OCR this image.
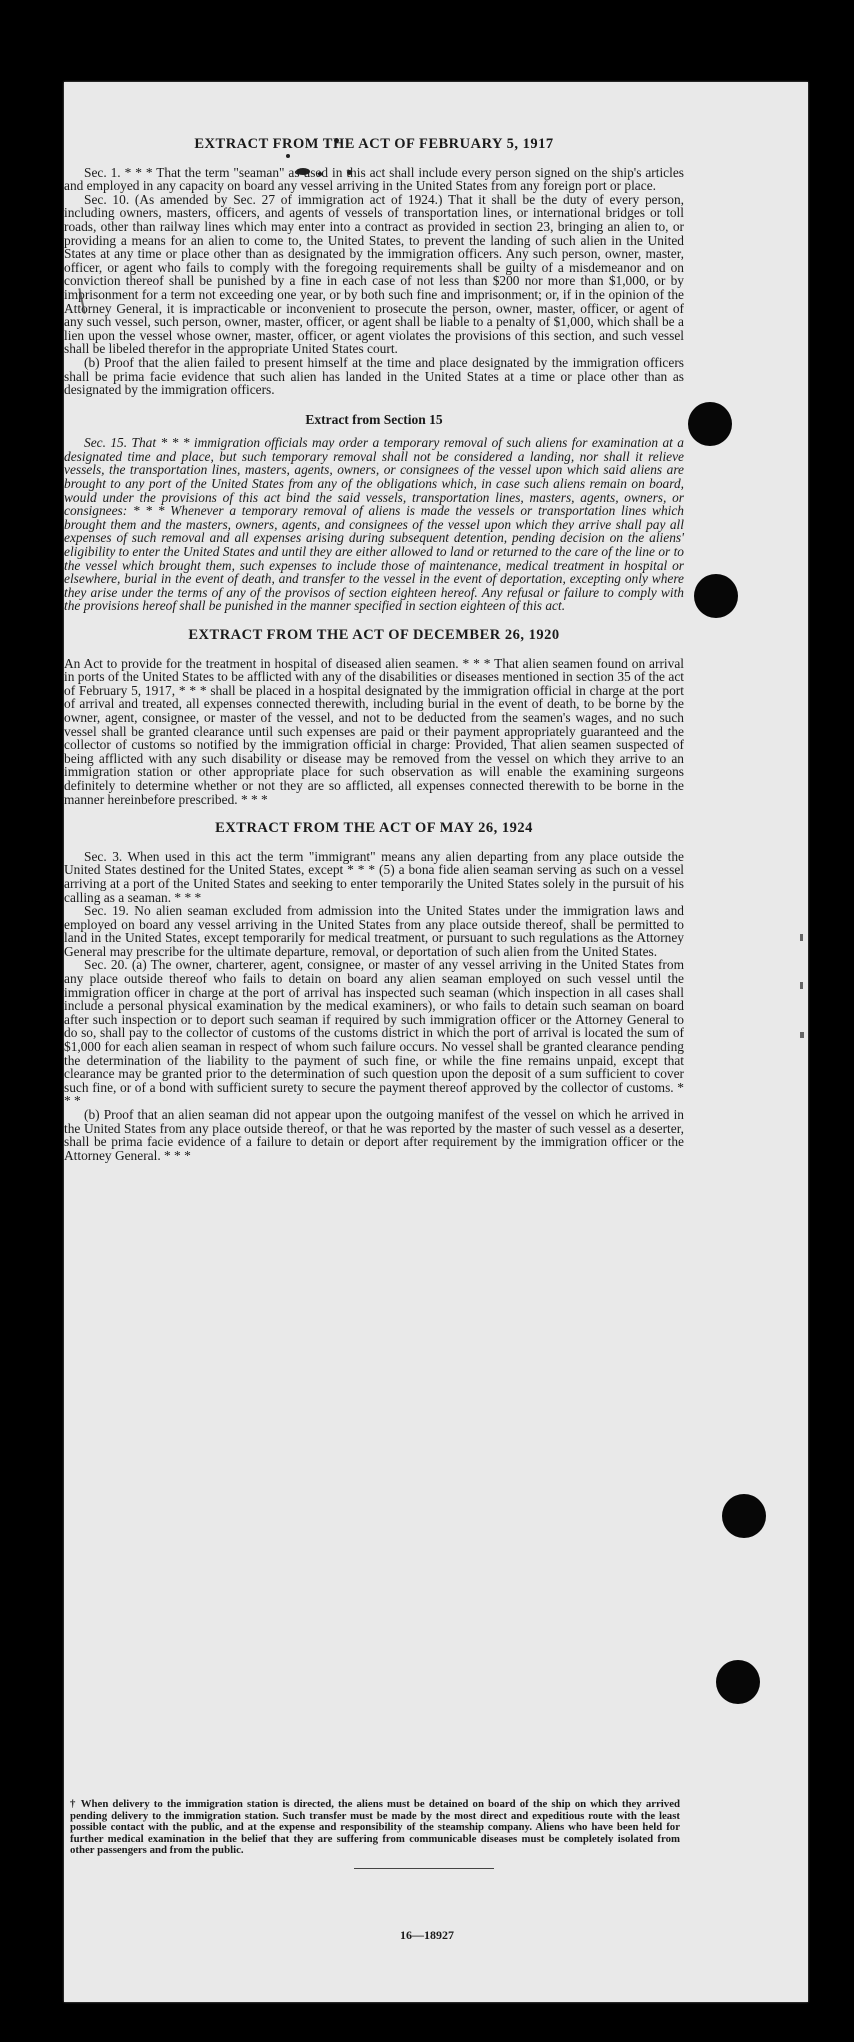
EXTRACT FROM THE ACT OF FEBRUARY 5, 1917

Sec. 1. * * * That the term "seaman" as used in this act shall include every person signed on the ship's articles and employed in any capacity on board any vessel arriving in the United States from any foreign port or place.

Sec. 10. (As amended by Sec. 27 of immigration act of 1924.) That it shall be the duty of every person, including owners, masters, officers, and agents of vessels of transportation lines, or international bridges or toll roads, other than railway lines which may enter into a contract as provided in section 23, bringing an alien to, or providing a means for an alien to come to, the United States, to prevent the landing of such alien in the United States at any time or place other than as designated by the immigration officers. Any such person, owner, master, officer, or agent who fails to comply with the foregoing requirements shall be guilty of a misdemeanor and on conviction thereof shall be punished by a fine in each case of not less than $200 nor more than $1,000, or by imprisonment for a term not exceeding one year, or by both such fine and imprisonment; or, if in the opinion of the Attorney General, it is impracticable or inconvenient to prosecute the person, owner, master, officer, or agent of any such vessel, such person, owner, master, officer, or agent shall be liable to a penalty of $1,000, which shall be a lien upon the vessel whose owner, master, officer, or agent violates the provisions of this section, and such vessel shall be libeled therefor in the appropriate United States court.

(b) Proof that the alien failed to present himself at the time and place designated by the immigration officers shall be prima facie evidence that such alien has landed in the United States at a time or place other than as designated by the immigration officers.

Extract from Section 15

Sec. 15. That * * * immigration officials may order a temporary removal of such aliens for examination at a designated time and place, but such temporary removal shall not be considered a landing, nor shall it relieve vessels, the transportation lines, masters, agents, owners, or consignees of the vessel upon which said aliens are brought to any port of the United States from any of the obligations which, in case such aliens remain on board, would under the provisions of this act bind the said vessels, transportation lines, masters, agents, owners, or consignees: * * * Whenever a temporary removal of aliens is made the vessels or transportation lines which brought them and the masters, owners, agents, and consignees of the vessel upon which they arrive shall pay all expenses of such removal and all expenses arising during subsequent detention, pending decision on the aliens' eligibility to enter the United States and until they are either allowed to land or returned to the care of the line or to the vessel which brought them, such expenses to include those of maintenance, medical treatment in hospital or elsewhere, burial in the event of death, and transfer to the vessel in the event of deportation, excepting only where they arise under the terms of any of the provisos of section eighteen hereof. Any refusal or failure to comply with the provisions hereof shall be punished in the manner specified in section eighteen of this act.

EXTRACT FROM THE ACT OF DECEMBER 26, 1920

An Act to provide for the treatment in hospital of diseased alien seamen. * * * That alien seamen found on arrival in ports of the United States to be afflicted with any of the disabilities or diseases mentioned in section 35 of the act of February 5, 1917, * * * shall be placed in a hospital designated by the immigration official in charge at the port of arrival and treated, all expenses connected therewith, including burial in the event of death, to be borne by the owner, agent, consignee, or master of the vessel, and not to be deducted from the seamen's wages, and no such vessel shall be granted clearance until such expenses are paid or their payment appropriately guaranteed and the collector of customs so notified by the immigration official in charge: Provided, That alien seamen suspected of being afflicted with any such disability or disease may be removed from the vessel on which they arrive to an immigration station or other appropriate place for such observation as will enable the examining surgeons definitely to determine whether or not they are so afflicted, all expenses connected therewith to be borne in the manner hereinbefore prescribed. * * *

EXTRACT FROM THE ACT OF MAY 26, 1924

Sec. 3. When used in this act the term "immigrant" means any alien departing from any place outside the United States destined for the United States, except * * * (5) a bona fide alien seaman serving as such on a vessel arriving at a port of the United States and seeking to enter temporarily the United States solely in the pursuit of his calling as a seaman. * * *

Sec. 19. No alien seaman excluded from admission into the United States under the immigration laws and employed on board any vessel arriving in the United States from any place outside thereof, shall be permitted to land in the United States, except temporarily for medical treatment, or pursuant to such regulations as the Attorney General may prescribe for the ultimate departure, removal, or deportation of such alien from the United States.

Sec. 20. (a) The owner, charterer, agent, consignee, or master of any vessel arriving in the United States from any place outside thereof who fails to detain on board any alien seaman employed on such vessel until the immigration officer in charge at the port of arrival has inspected such seaman (which inspection in all cases shall include a personal physical examination by the medical examiners), or who fails to detain such seaman on board after such inspection or to deport such seaman if required by such immigration officer or the Attorney General to do so, shall pay to the collector of customs of the customs district in which the port of arrival is located the sum of $1,000 for each alien seaman in respect of whom such failure occurs. No vessel shall be granted clearance pending the determination of the liability to the payment of such fine, or while the fine remains unpaid, except that clearance may be granted prior to the determination of such question upon the deposit of a sum sufficient to cover such fine, or of a bond with sufficient surety to secure the payment thereof approved by the collector of customs. * * *

(b) Proof that an alien seaman did not appear upon the outgoing manifest of the vessel on which he arrived in the United States from any place outside thereof, or that he was reported by the master of such vessel as a deserter, shall be prima facie evidence of a failure to detain or deport after requirement by the immigration officer or the Attorney General. * * *

† When delivery to the immigration station is directed, the aliens must be detained on board of the ship on which they arrived pending delivery to the immigration station. Such transfer must be made by the most direct and expeditious route with the least possible contact with the public, and at the expense and responsibility of the steamship company. Aliens who have been held for further medical examination in the belief that they are suffering from communicable diseases must be completely isolated from other passengers and from the public.
16—18927
